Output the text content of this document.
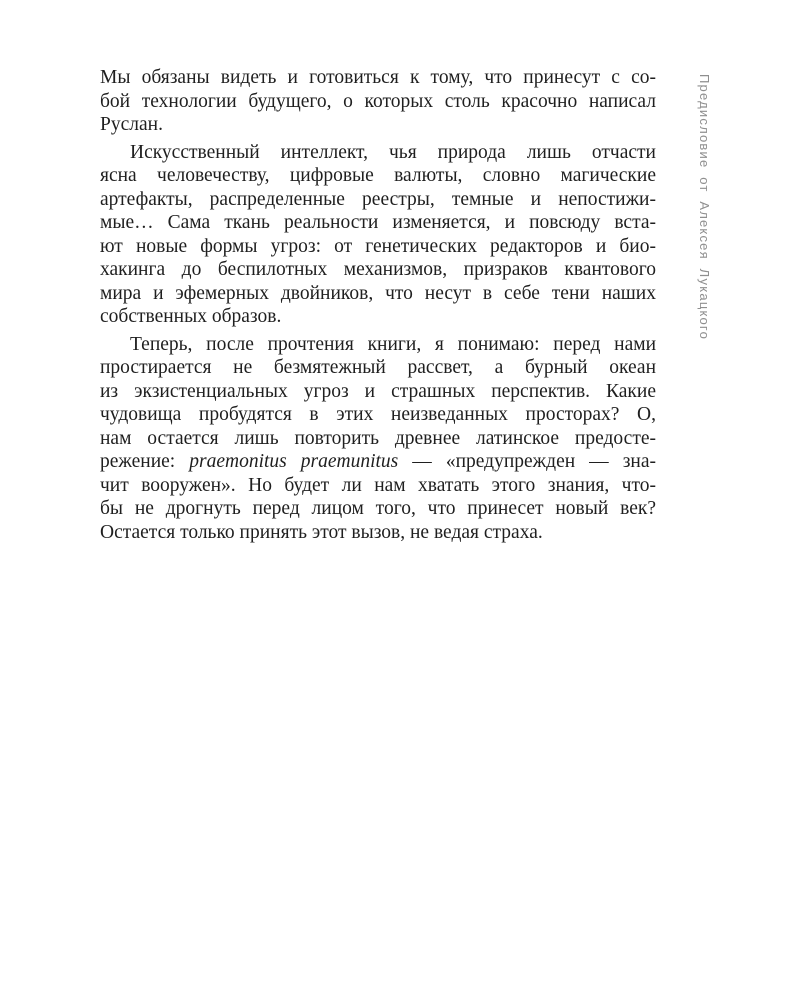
Мы обязаны видеть и готовиться к тому, что принесут с со-
бой технологии будущего, о которых столь красочно написал
Руслан.
Искусственный интеллект, чья природа лишь отчасти
ясна человечеству, цифровые валюты, словно магические
артефакты, распределенные реестры, темные и непостижи-
мые… Сама ткань реальности изменяется, и повсюду вста-
ют новые формы угроз: от генетических редакторов и био-
хакинга до беспилотных механизмов, призраков квантового
мира и эфемерных двойников, что несут в себе тени наших
собственных образов.
Теперь, после прочтения книги, я понимаю: перед нами
простирается не безмятежный рассвет, а бурный океан
из экзистенциальных угроз и страшных перспектив. Какие
чудовища пробудятся в этих неизведанных просторах? О,
нам остается лишь повторить древнее латинское предосте-
режение: praemonitus praemunitus — «предупрежден — зна-
чит вооружен». Но будет ли нам хватать этого знания, что-
бы не дрогнуть перед лицом того, что принесет новый век?
Остается только принять этот вызов, не ведая страха.
Предисловие от Алексея Лукацкого
